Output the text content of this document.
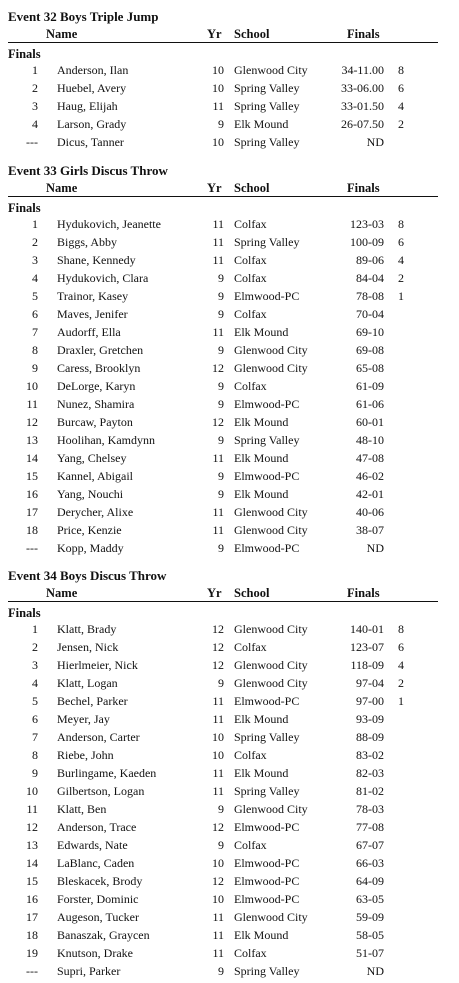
Event 32 Boys Triple Jump
Name	Yr School	Finals
Finals
1 Anderson, Ilan	10 Glenwood City	34-11.00 8
2 Huebel, Avery	10 Spring Valley	33-06.00 6
3 Haug, Elijah	11 Spring Valley	33-01.50 4
4 Larson, Grady	9 Elk Mound	26-07.50 2
--- Dicus, Tanner	10 Spring Valley	ND
Event 33 Girls Discus Throw
Name	Yr School	Finals
Finals
1 Hydukovich, Jeanette	11 Colfax	123-03 8
2 Biggs, Abby	11 Spring Valley	100-09 6
3 Shane, Kennedy	11 Colfax	89-06 4
4 Hydukovich, Clara	9 Colfax	84-04 2
5 Trainor, Kasey	9 Elmwood-PC	78-08 1
6 Maves, Jenifer	9 Colfax	70-04
7 Audorff, Ella	11 Elk Mound	69-10
8 Draxler, Gretchen	9 Glenwood City	69-08
9 Caress, Brooklyn	12 Glenwood City	65-08
10 DeLorge, Karyn	9 Colfax	61-09
11 Nunez, Shamira	9 Elmwood-PC	61-06
12 Burcaw, Payton	12 Elk Mound	60-01
13 Hoolihan, Kamdynn	9 Spring Valley	48-10
14 Yang, Chelsey	11 Elk Mound	47-08
15 Kannel, Abigail	9 Elmwood-PC	46-02
16 Yang, Nouchi	9 Elk Mound	42-01
17 Derycher, Alixe	11 Glenwood City	40-06
18 Price, Kenzie	11 Glenwood City	38-07
--- Kopp, Maddy	9 Elmwood-PC	ND
Event 34 Boys Discus Throw
Name	Yr School	Finals
Finals
1 Klatt, Brady	12 Glenwood City	140-01 8
2 Jensen, Nick	12 Colfax	123-07 6
3 Hierlmeier, Nick	12 Glenwood City	118-09 4
4 Klatt, Logan	9 Glenwood City	97-04 2
5 Bechel, Parker	11 Elmwood-PC	97-00 1
6 Meyer, Jay	11 Elk Mound	93-09
7 Anderson, Carter	10 Spring Valley	88-09
8 Riebe, John	10 Colfax	83-02
9 Burlingame, Kaeden	11 Elk Mound	82-03
10 Gilbertson, Logan	11 Spring Valley	81-02
11 Klatt, Ben	9 Glenwood City	78-03
12 Anderson, Trace	12 Elmwood-PC	77-08
13 Edwards, Nate	9 Colfax	67-07
14 LaBlanc, Caden	10 Elmwood-PC	66-03
15 Bleskacek, Brody	12 Elmwood-PC	64-09
16 Forster, Dominic	10 Elmwood-PC	63-05
17 Augeson, Tucker	11 Glenwood City	59-09
18 Banaszak, Graycen	11 Elk Mound	58-05
19 Knutson, Drake	11 Colfax	51-07
--- Supri, Parker	9 Spring Valley	ND
